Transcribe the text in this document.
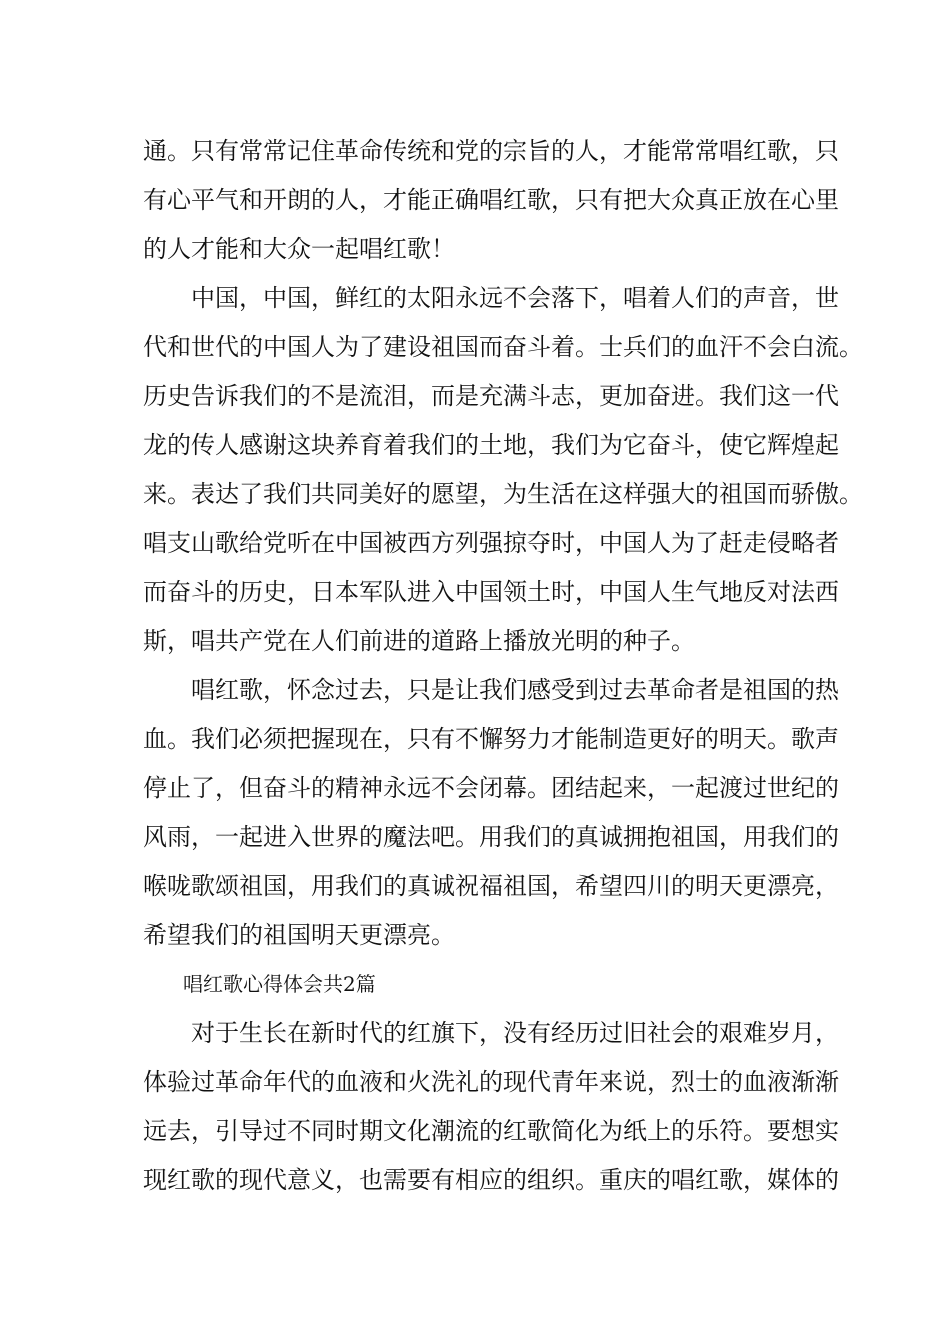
通。只有常常记住革命传统和党的宗旨的人，才能常常唱红歌，只
有心平气和开朗的人，才能正确唱红歌，只有把大众真正放在心里
的人才能和大众一起唱红歌！
　　中国，中国，鲜红的太阳永远不会落下，唱着人们的声音，世
代和世代的中国人为了建设祖国而奋斗着。士兵们的血汗不会白流。
历史告诉我们的不是流泪，而是充满斗志，更加奋进。我们这一代
龙的传人感谢这块养育着我们的土地，我们为它奋斗，使它辉煌起
来。表达了我们共同美好的愿望，为生活在这样强大的祖国而骄傲。
唱支山歌给党听在中国被西方列强掠夺时，中国人为了赶走侵略者
而奋斗的历史，日本军队进入中国领土时，中国人生气地反对法西
斯，唱共产党在人们前进的道路上播放光明的种子。
　　唱红歌，怀念过去，只是让我们感受到过去革命者是祖国的热
血。我们必须把握现在，只有不懈努力才能制造更好的明天。歌声
停止了，但奋斗的精神永远不会闭幕。团结起来，一起渡过世纪的
风雨，一起进入世界的魔法吧。用我们的真诚拥抱祖国，用我们的
喉咙歌颂祖国，用我们的真诚祝福祖国，希望四川的明天更漂亮，
希望我们的祖国明天更漂亮。
　　唱红歌心得体会共2篇
　　对于生长在新时代的红旗下，没有经历过旧社会的艰难岁月，
体验过革命年代的血液和火洗礼的现代青年来说，烈士的血液渐渐
远去，引导过不同时期文化潮流的红歌简化为纸上的乐符。要想实
现红歌的现代意义，也需要有相应的组织。重庆的唱红歌，媒体的
